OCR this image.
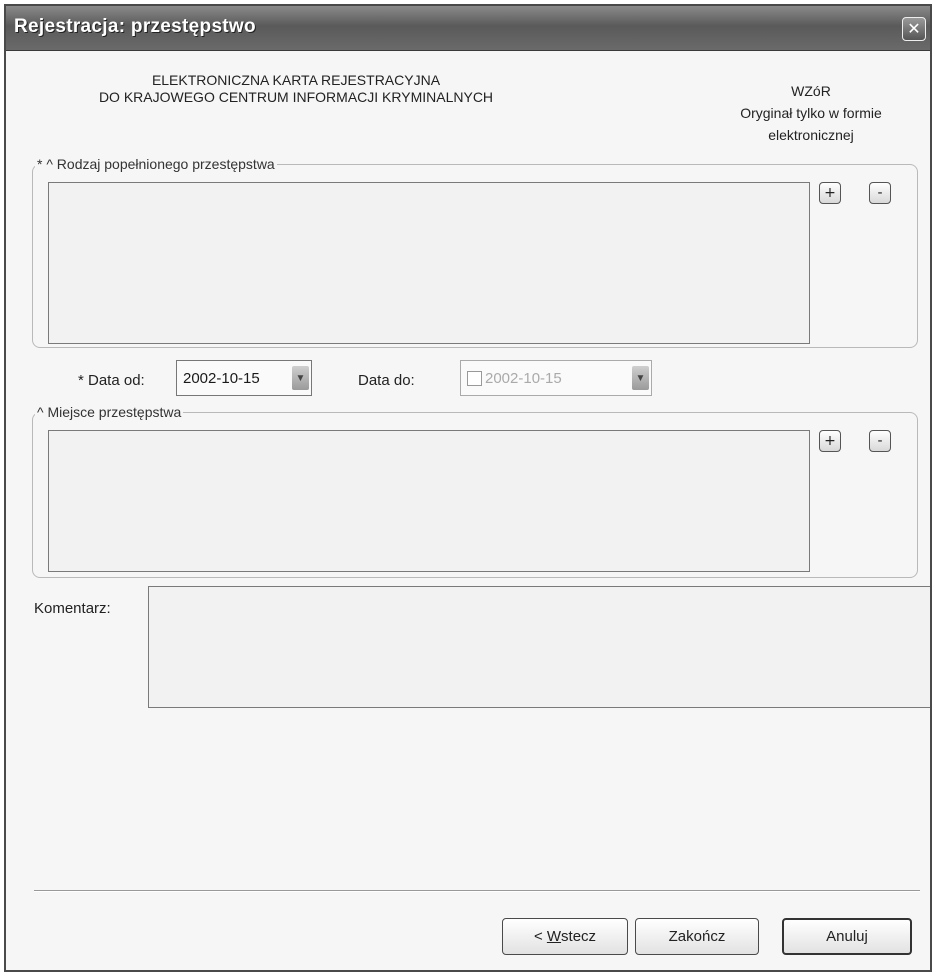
Rejestracja: przestępstwo	✕
ELEKTRONICZNA KARTA REJESTRACYJNA
DO KRAJOWEGO CENTRUM INFORMACJI KRYMINALNYCH	WZóR
Oryginał tylko w formie
elektronicznej
* ^ Rodzaj popełnionego przestępstwa
+	-
* Data od:	2002-10-15	▼	Data do:	2002-10-15	▼
^ Miejsce przestępstwa
+	-
Komentarz:
< W stecz	Zakończ	Anuluj
